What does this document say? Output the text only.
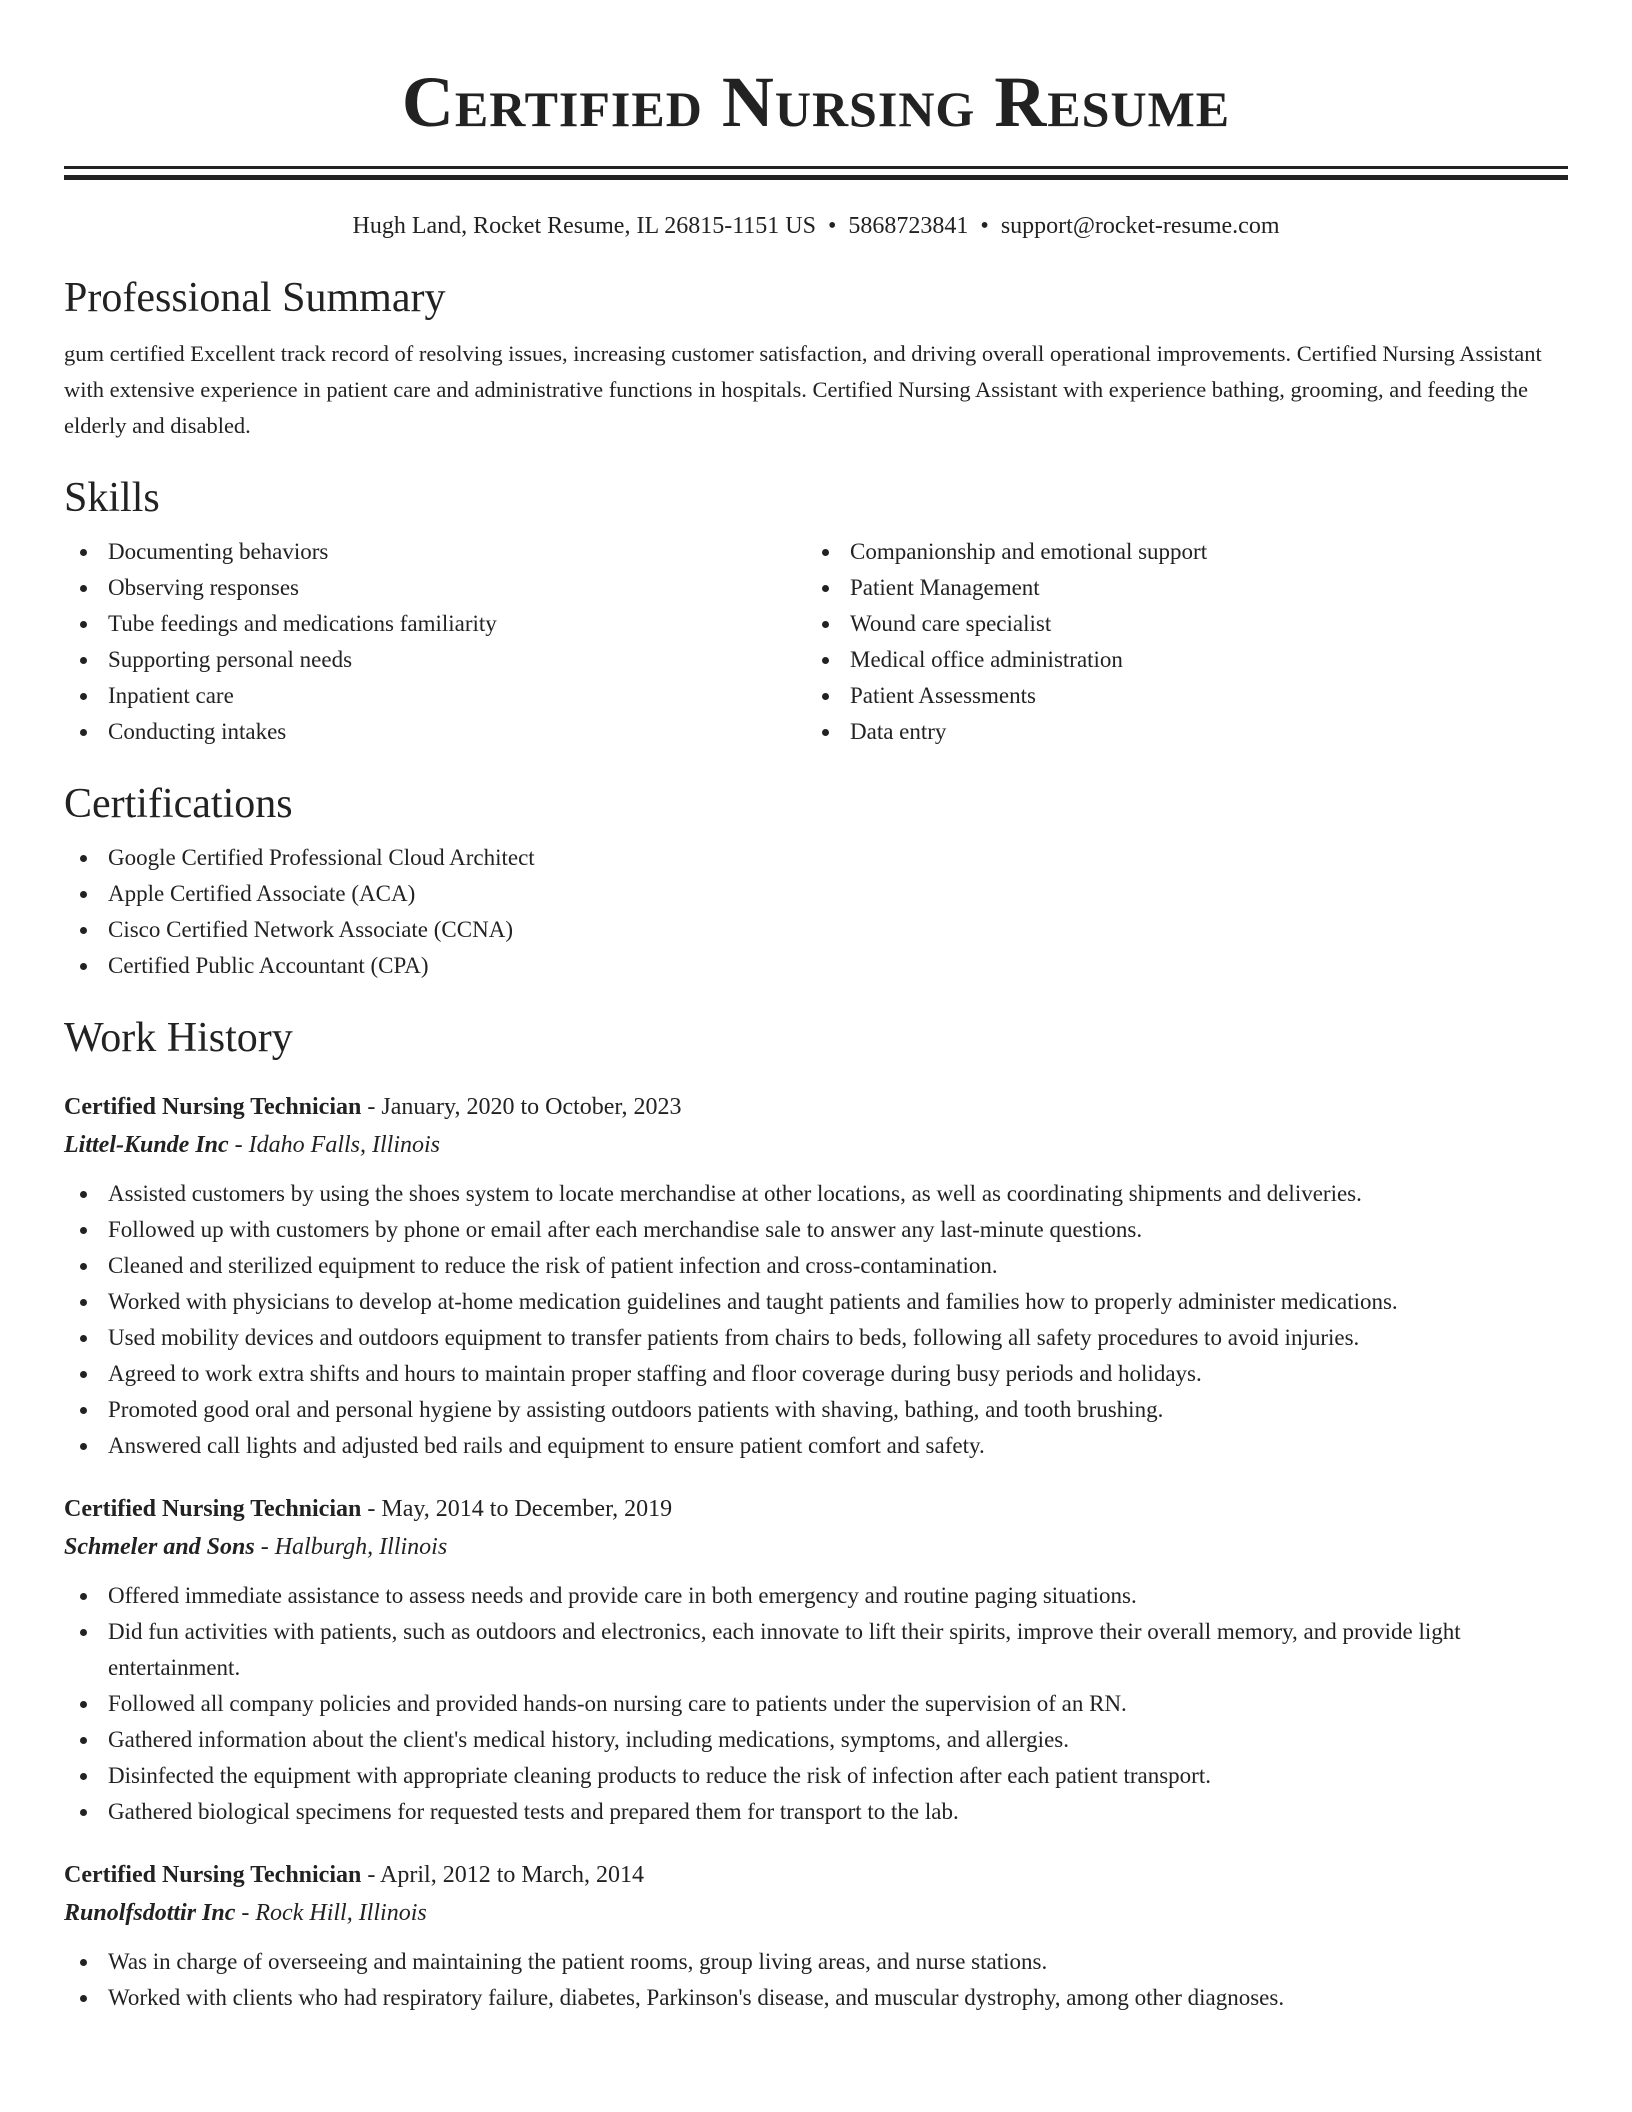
Certified Nursing Resume
Hugh Land, Rocket Resume, IL 26815-1151 US • 5868723841 • support@rocket-resume.com
Professional Summary
gum certified Excellent track record of resolving issues, increasing customer satisfaction, and driving overall operational improvements. Certified Nursing Assistant with extensive experience in patient care and administrative functions in hospitals. Certified Nursing Assistant with experience bathing, grooming, and feeding the elderly and disabled.
Skills
Documenting behaviors
Observing responses
Tube feedings and medications familiarity
Supporting personal needs
Inpatient care
Conducting intakes
Companionship and emotional support
Patient Management
Wound care specialist
Medical office administration
Patient Assessments
Data entry
Certifications
Google Certified Professional Cloud Architect
Apple Certified Associate (ACA)
Cisco Certified Network Associate (CCNA)
Certified Public Accountant (CPA)
Work History
Certified Nursing Technician - January, 2020 to October, 2023
Littel-Kunde Inc - Idaho Falls, Illinois
Assisted customers by using the shoes system to locate merchandise at other locations, as well as coordinating shipments and deliveries.
Followed up with customers by phone or email after each merchandise sale to answer any last-minute questions.
Cleaned and sterilized equipment to reduce the risk of patient infection and cross-contamination.
Worked with physicians to develop at-home medication guidelines and taught patients and families how to properly administer medications.
Used mobility devices and outdoors equipment to transfer patients from chairs to beds, following all safety procedures to avoid injuries.
Agreed to work extra shifts and hours to maintain proper staffing and floor coverage during busy periods and holidays.
Promoted good oral and personal hygiene by assisting outdoors patients with shaving, bathing, and tooth brushing.
Answered call lights and adjusted bed rails and equipment to ensure patient comfort and safety.
Certified Nursing Technician - May, 2014 to December, 2019
Schmeler and Sons - Halburgh, Illinois
Offered immediate assistance to assess needs and provide care in both emergency and routine paging situations.
Did fun activities with patients, such as outdoors and electronics, each innovate to lift their spirits, improve their overall memory, and provide light entertainment.
Followed all company policies and provided hands-on nursing care to patients under the supervision of an RN.
Gathered information about the client's medical history, including medications, symptoms, and allergies.
Disinfected the equipment with appropriate cleaning products to reduce the risk of infection after each patient transport.
Gathered biological specimens for requested tests and prepared them for transport to the lab.
Certified Nursing Technician - April, 2012 to March, 2014
Runolfsdottir Inc - Rock Hill, Illinois
Was in charge of overseeing and maintaining the patient rooms, group living areas, and nurse stations.
Worked with clients who had respiratory failure, diabetes, Parkinson's disease, and muscular dystrophy, among other diagnoses.
